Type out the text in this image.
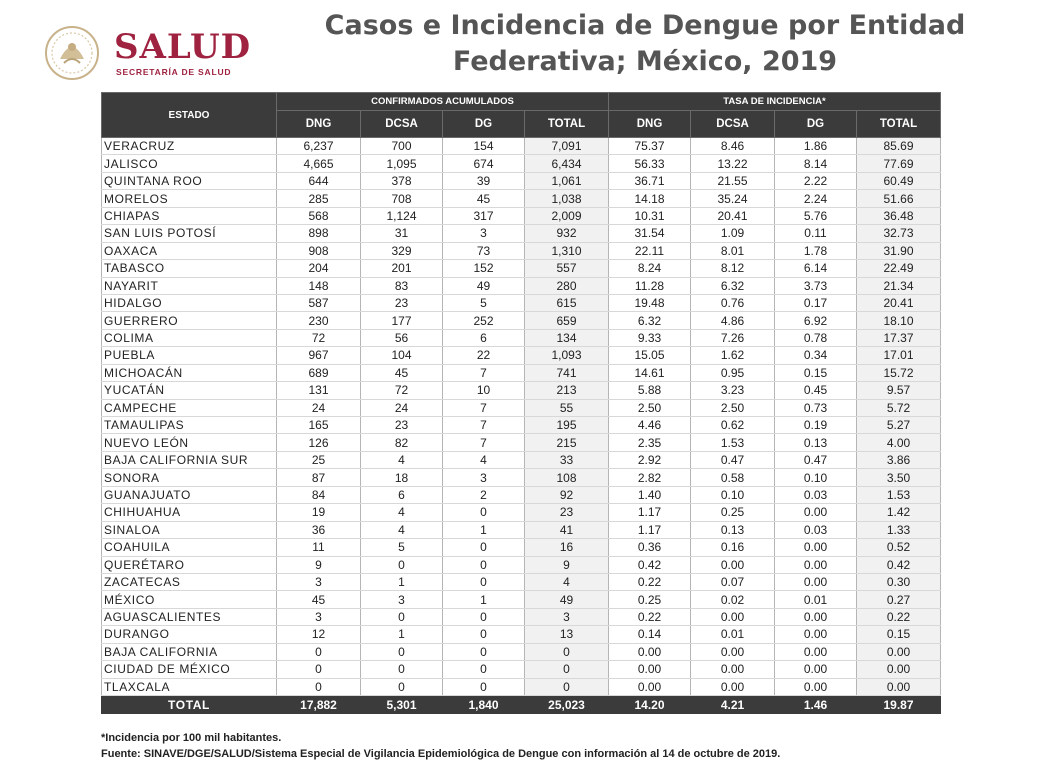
SALUD
SECRETARÍA DE SALUD
Casos e Incidencia de Dengue por Entidad
Federativa; México, 2019
ESTADO	CONFIRMADOS ACUMULADOS				TASA DE INCIDENCIA*			
	DNG	DCSA	DG	TOTAL	DNG	DCSA	DG	TOTAL
VERACRUZ	6,237	700	154	7,091	75.37	8.46	1.86	85.69
JALISCO	4,665	1,095	674	6,434	56.33	13.22	8.14	77.69
QUINTANA ROO	644	378	39	1,061	36.71	21.55	2.22	60.49
MORELOS	285	708	45	1,038	14.18	35.24	2.24	51.66
CHIAPAS	568	1,124	317	2,009	10.31	20.41	5.76	36.48
SAN LUIS POTOSÍ	898	31	3	932	31.54	1.09	0.11	32.73
OAXACA	908	329	73	1,310	22.11	8.01	1.78	31.90
TABASCO	204	201	152	557	8.24	8.12	6.14	22.49
NAYARIT	148	83	49	280	11.28	6.32	3.73	21.34
HIDALGO	587	23	5	615	19.48	0.76	0.17	20.41
GUERRERO	230	177	252	659	6.32	4.86	6.92	18.10
COLIMA	72	56	6	134	9.33	7.26	0.78	17.37
PUEBLA	967	104	22	1,093	15.05	1.62	0.34	17.01
MICHOACÁN	689	45	7	741	14.61	0.95	0.15	15.72
YUCATÁN	131	72	10	213	5.88	3.23	0.45	9.57
CAMPECHE	24	24	7	55	2.50	2.50	0.73	5.72
TAMAULIPAS	165	23	7	195	4.46	0.62	0.19	5.27
NUEVO LEÓN	126	82	7	215	2.35	1.53	0.13	4.00
BAJA CALIFORNIA SUR	25	4	4	33	2.92	0.47	0.47	3.86
SONORA	87	18	3	108	2.82	0.58	0.10	3.50
GUANAJUATO	84	6	2	92	1.40	0.10	0.03	1.53
CHIHUAHUA	19	4	0	23	1.17	0.25	0.00	1.42
SINALOA	36	4	1	41	1.17	0.13	0.03	1.33
COAHUILA	11	5	0	16	0.36	0.16	0.00	0.52
QUERÉTARO	9	0	0	9	0.42	0.00	0.00	0.42
ZACATECAS	3	1	0	4	0.22	0.07	0.00	0.30
MÉXICO	45	3	1	49	0.25	0.02	0.01	0.27
AGUASCALIENTES	3	0	0	3	0.22	0.00	0.00	0.22
DURANGO	12	1	0	13	0.14	0.01	0.00	0.15
BAJA CALIFORNIA	0	0	0	0	0.00	0.00	0.00	0.00
CIUDAD DE MÉXICO	0	0	0	0	0.00	0.00	0.00	0.00
TLAXCALA	0	0	0	0	0.00	0.00	0.00	0.00
TOTAL	17,882	5,301	1,840	25,023	14.20	4.21	1.46	19.87
*Incidencia por 100 mil habitantes.
Fuente: SINAVE/DGE/SALUD/Sistema Especial de Vigilancia Epidemiológica de Dengue con información al 14 de octubre de 2019.
